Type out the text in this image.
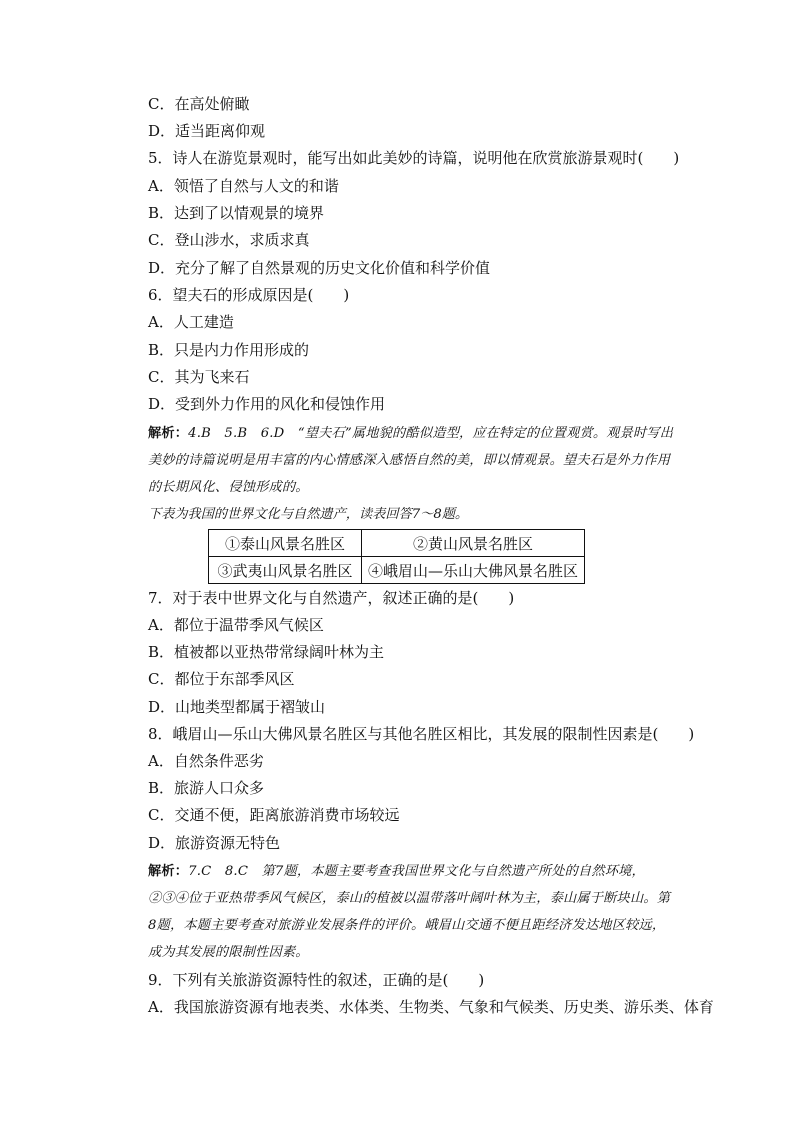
C．在高处俯瞰
D．适当距离仰观
5．诗人在游览景观时，能写出如此美妙的诗篇，说明他在欣赏旅游景观时(　　)
A．领悟了自然与人文的和谐
B．达到了以情观景的境界
C．登山涉水，求质求真
D．充分了解了自然景观的历史文化价值和科学价值
6．望夫石的形成原因是(　　)
A．人工建造
B．只是内力作用形成的
C．其为飞来石
D．受到外力作用的风化和侵蚀作用
解析：4.B　5.B　6.D　“望夫石”属地貌的酷似造型，应在特定的位置观赏。观景时写出美妙的诗篇说明是用丰富的内心情感深入感悟自然的美，即以情观景。望夫石是外力作用的长期风化、侵蚀形成的。
下表为我国的世界文化与自然遗产，读表回答7～8题。
①泰山风景名胜区	②黄山风景名胜区
③武夷山风景名胜区	④峨眉山—乐山大佛风景名胜区
7．对于表中世界文化与自然遗产，叙述正确的是(　　)
A．都位于温带季风气候区
B．植被都以亚热带常绿阔叶林为主
C．都位于东部季风区
D．山地类型都属于褶皱山
8．峨眉山—乐山大佛风景名胜区与其他名胜区相比，其发展的限制性因素是(　　)
A．自然条件恶劣
B．旅游人口众多
C．交通不便，距离旅游消费市场较远
D．旅游资源无特色
解析：7.C　8.C　第7题，本题主要考查我国世界文化与自然遗产所处的自然环境，②③④位于亚热带季风气候区，泰山的植被以温带落叶阔叶林为主，泰山属于断块山。第8题，本题主要考查对旅游业发展条件的评价。峨眉山交通不便且距经济发达地区较远，成为其发展的限制性因素。
9．下列有关旅游资源特性的叙述，正确的是(　　)
A．我国旅游资源有地表类、水体类、生物类、气象和气候类、历史类、游乐类、体育
